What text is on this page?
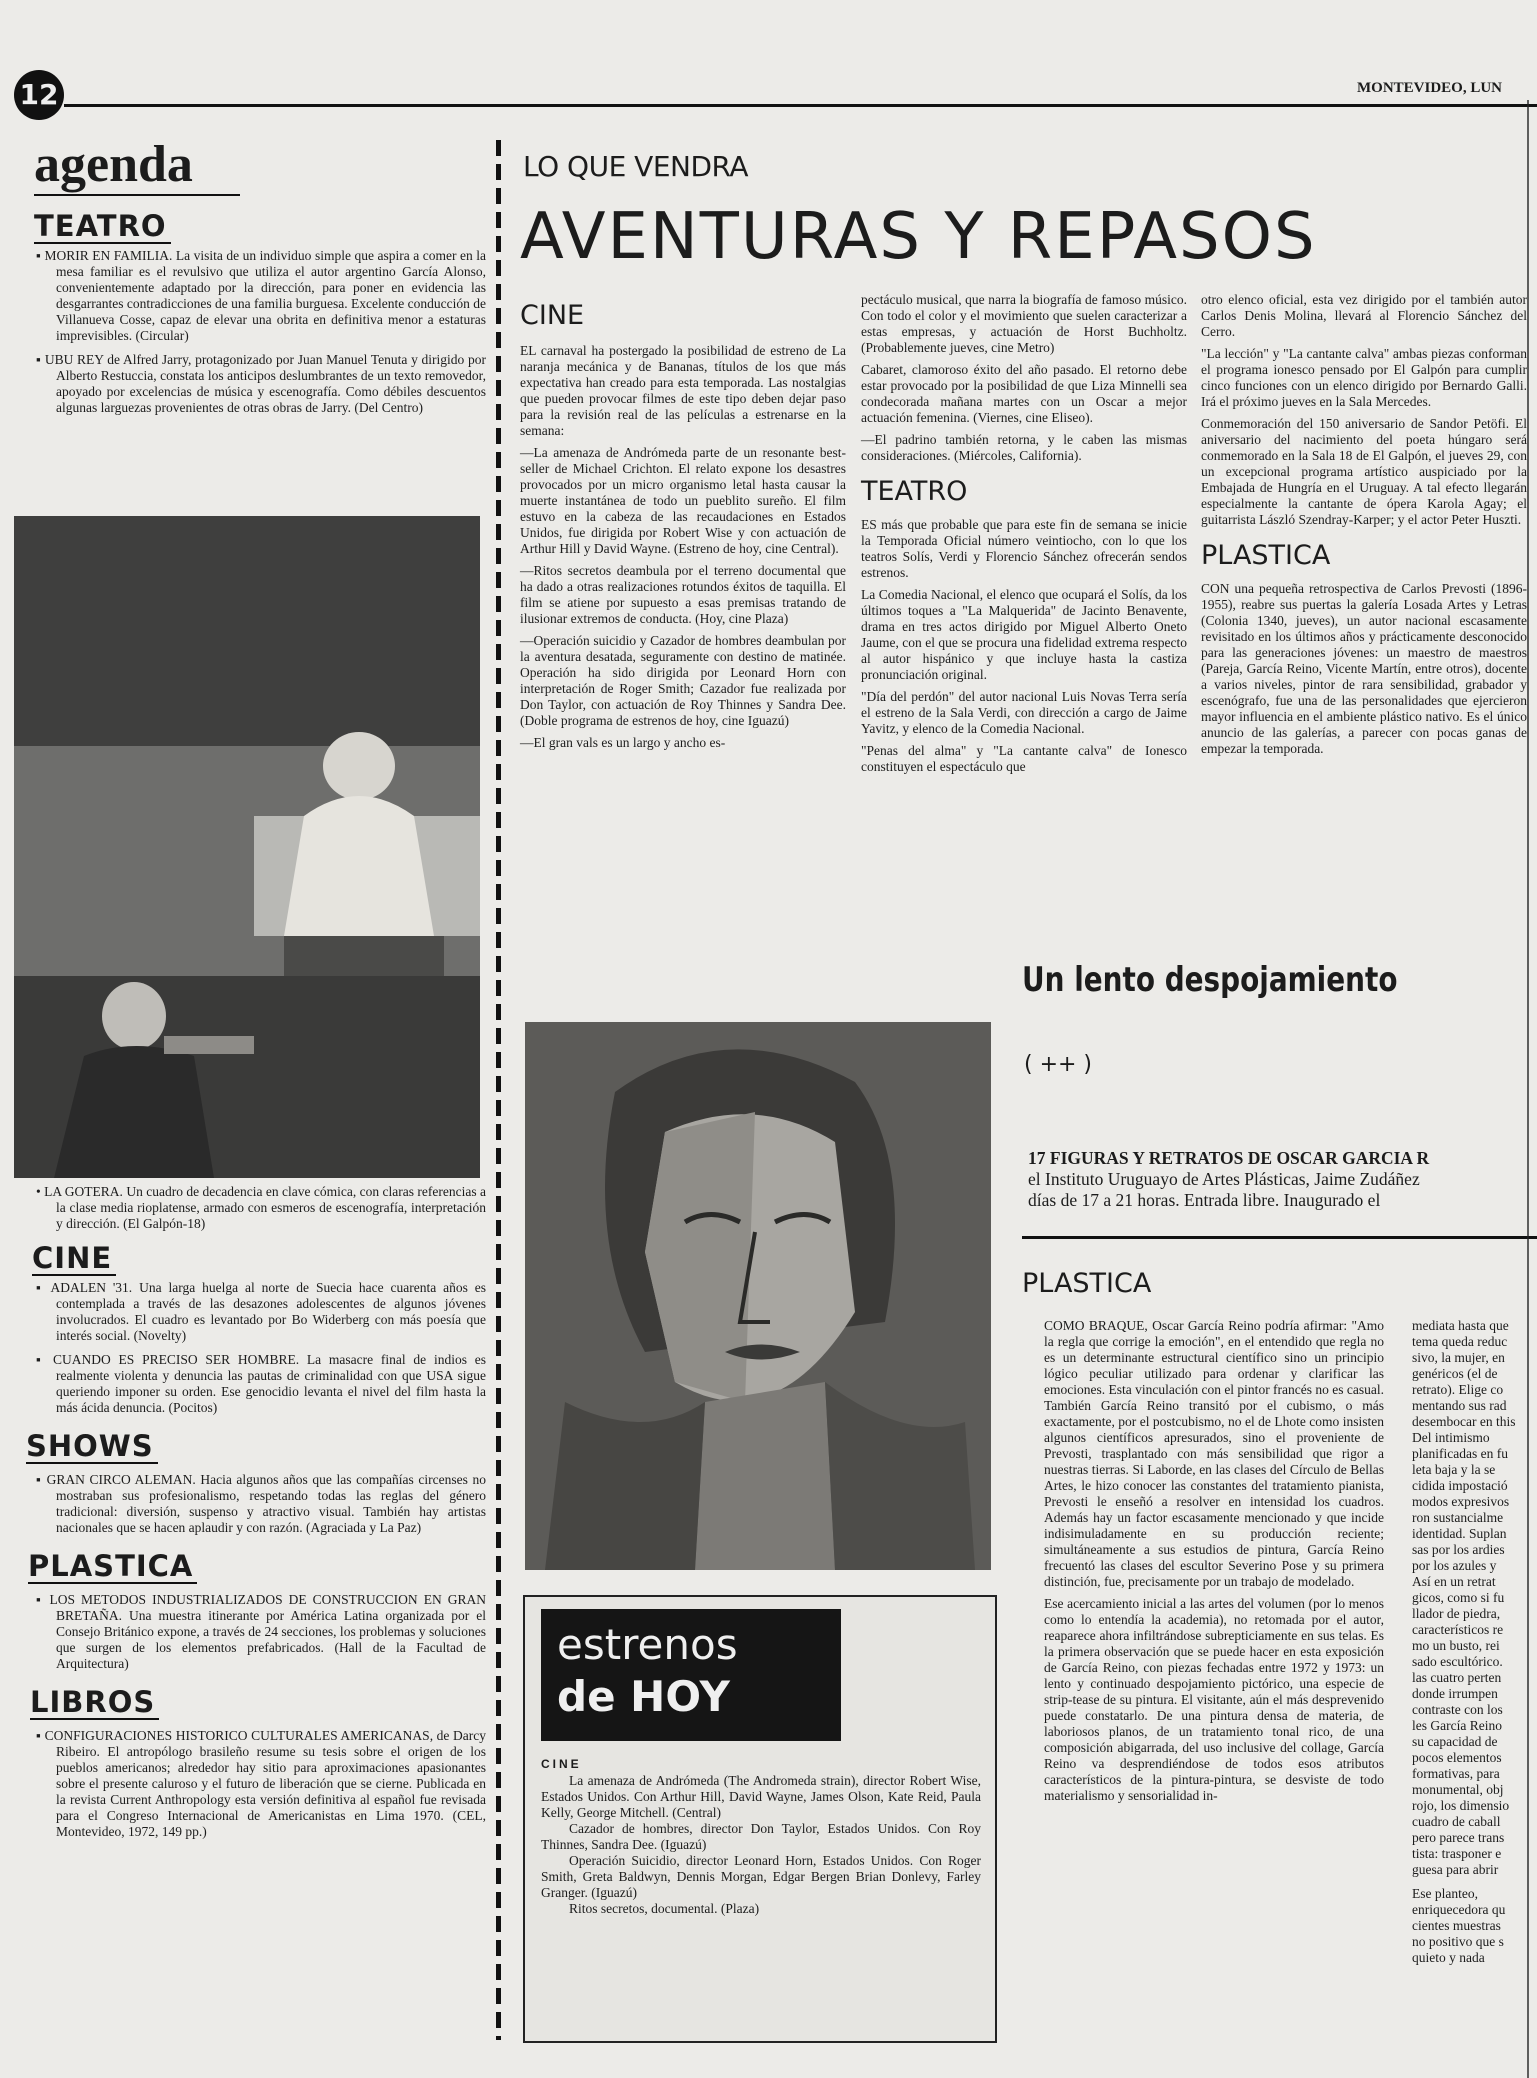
12	MONTEVIDEO, LUN
agenda
TEATRO
▪︎ MORIR EN FAMILIA. La visita de un individuo simple que aspira a comer en la mesa familiar es el revulsivo que utiliza el autor argentino García Alonso, convenientemente adaptado por la dirección, para poner en evidencia las desgarrantes contradicciones de una familia burguesa. Excelente conducción de Villanueva Cosse, capaz de elevar una obrita en definitiva menor a estaturas imprevisibles. (Circular)
▪︎ UBU REY de Alfred Jarry, protagonizado por Juan Manuel Tenuta y dirigido por Alberto Restuccia, constata los anticipos deslumbrantes de un texto removedor, apoyado por excelencias de música y escenografía. Como débiles descuentos algunas larguezas provenientes de otras obras de Jarry. (Del Centro)
• LA GOTERA. Un cuadro de decadencia en clave cómica, con claras referencias a la clase media rioplatense, armado con esmeros de escenografía, interpretación y dirección. (El Galpón-18)
CINE
▪︎ ADALEN '31. Una larga huelga al norte de Suecia hace cuarenta años es contemplada a través de las desazones adolescentes de algunos jóvenes involucrados. El cuadro es levantado por Bo Widerberg con más poesía que interés social. (Novelty)
▪︎ CUANDO ES PRECISO SER HOMBRE. La masacre final de indios es realmente violenta y denuncia las pautas de criminalidad con que USA sigue queriendo imponer su orden. Ese genocidio levanta el nivel del film hasta la más ácida denuncia. (Pocitos)
SHOWS
▪︎ GRAN CIRCO ALEMAN. Hacia algunos años que las compañías circenses no mostraban sus profesionalismo, respetando todas las reglas del género tradicional: diversión, suspenso y atractivo visual. También hay artistas nacionales que se hacen aplaudir y con razón. (Agraciada y La Paz)
PLASTICA
▪︎ LOS METODOS INDUSTRIALIZADOS DE CONSTRUCCION EN GRAN BRETAÑA. Una muestra itinerante por América Latina organizada por el Consejo Británico expone, a través de 24 secciones, los problemas y soluciones que surgen de los elementos prefabricados. (Hall de la Facultad de Arquitectura)
LIBROS
▪︎ CONFIGURACIONES HISTORICO CULTURALES AMERICANAS, de Darcy Ribeiro. El antropólogo brasileño resume su tesis sobre el origen de los pueblos americanos; alrededor hay sitio para aproximaciones apasionantes sobre el presente caluroso y el futuro de liberación que se cierne. Publicada en la revista Current Anthropology esta versión definitiva al español fue revisada para el Congreso Internacional de Americanistas en Lima 1970. (CEL, Montevideo, 1972, 149 pp.)
LO QUE VENDRA
AVENTURAS Y REPASOS
CINE

EL carnaval ha postergado la posibilidad de estreno de La naranja mecánica y de Bananas, títulos de los que más expectativa han creado para esta temporada. Las nostalgias que pueden provocar filmes de este tipo deben dejar paso para la revisión real de las películas a estrenarse en la semana:

—La amenaza de Andrómeda parte de un resonante best-seller de Michael Crichton. El relato expone los desastres provocados por un micro organismo letal hasta causar la muerte instantánea de todo un pueblito sureño. El film estuvo en la cabeza de las recaudaciones en Estados Unidos, fue dirigida por Robert Wise y con actuación de Arthur Hill y David Wayne. (Estreno de hoy, cine Central).

—Ritos secretos deambula por el terreno documental que ha dado a otras realizaciones rotundos éxitos de taquilla. El film se atiene por supuesto a esas premisas tratando de ilusionar extremos de conducta. (Hoy, cine Plaza)

—Operación suicidio y Cazador de hombres deambulan por la aventura desatada, seguramente con destino de matinée. Operación ha sido dirigida por Leonard Horn con interpretación de Roger Smith; Cazador fue realizada por Don Taylor, con actuación de Roy Thinnes y Sandra Dee. (Doble programa de estrenos de hoy, cine Iguazú)

—El gran vals es un largo y ancho es-

pectáculo musical, que narra la biografía de famoso músico. Con todo el color y el movimiento que suelen caracterizar a estas empresas, y actuación de Horst Buchholtz. (Probablemente jueves, cine Metro)

Cabaret, clamoroso éxito del año pasado. El retorno debe estar provocado por la posibilidad de que Liza Minnelli sea condecorada mañana martes con un Oscar a mejor actuación femenina. (Viernes, cine Eliseo).

—El padrino también retorna, y le caben las mismas consideraciones. (Miércoles, California).

TEATRO

ES más que probable que para este fin de semana se inicie la Temporada Oficial número veintiocho, con lo que los teatros Solís, Verdi y Florencio Sánchez ofrecerán sendos estrenos.

La Comedia Nacional, el elenco que ocupará el Solís, da los últimos toques a "La Malquerida" de Jacinto Benavente, drama en tres actos dirigido por Miguel Alberto Oneto Jaume, con el que se procura una fidelidad extrema respecto al autor hispánico y que incluye hasta la castiza pronunciación original.

"Día del perdón" del autor nacional Luis Novas Terra sería el estreno de la Sala Verdi, con dirección a cargo de Jaime Yavitz, y elenco de la Comedia Nacional.

"Penas del alma" y "La cantante calva" de Ionesco constituyen el espectáculo que

otro elenco oficial, esta vez dirigido por el también autor Carlos Denis Molina, llevará al Florencio Sánchez del Cerro.

"La lección" y "La cantante calva" ambas piezas conforman el programa ionesco pensado por El Galpón para cumplir cinco funciones con un elenco dirigido por Bernardo Galli. Irá el próximo jueves en la Sala Mercedes.

Conmemoración del 150 aniversario de Sandor Petöfi. El aniversario del nacimiento del poeta húngaro será conmemorado en la Sala 18 de El Galpón, el jueves 29, con un excepcional programa artístico auspiciado por la Embajada de Hungría en el Uruguay. A tal efecto llegarán especialmente la cantante de ópera Karola Agay; el guitarrista László Szendray-Karper; y el actor Peter Huszti.

PLASTICA

CON una pequeña retrospectiva de Carlos Prevosti (1896-1955), reabre sus puertas la galería Losada Artes y Letras (Colonia 1340, jueves), un autor nacional escasamente revisitado en los últimos años y prácticamente desconocido para las generaciones jóvenes: un maestro de maestros (Pareja, García Reino, Vicente Martín, entre otros), docente a varios niveles, pintor de rara sensibilidad, grabador y escenógrafo, fue una de las personalidades que ejercieron mayor influencia en el ambiente plástico nativo. Es el único anuncio de las galerías, a parecer con pocas ganas de empezar la temporada.

estrenos
de HOY
CINE

La amenaza de Andrómeda (The Andromeda strain), director Robert Wise, Estados Unidos. Con Arthur Hill, David Wayne, James Olson, Kate Reid, Paula Kelly, George Mitchell. (Central)

Cazador de hombres, director Don Taylor, Estados Unidos. Con Roy Thinnes, Sandra Dee. (Iguazú)

Operación Suicidio, director Leonard Horn, Estados Unidos. Con Roger Smith, Greta Baldwyn, Dennis Morgan, Edgar Bergen Brian Donlevy, Farley Granger. (Iguazú)

Ritos secretos, documental. (Plaza)

Un lento despojamiento
( ++ )
17 FIGURAS Y RETRATOS DE OSCAR GARCIA R
el Instituto Uruguayo de Artes Plásticas, Jaime Zudáñez
días de 17 a 21 horas. Entrada libre. Inaugurado el
PLASTICA

COMO BRAQUE, Oscar García Reino podría afirmar: "Amo la regla que corrige la emoción", en el entendido que regla no es un determinante estructural científico sino un principio lógico peculiar utilizado para ordenar y clarificar las emociones. Esta vinculación con el pintor francés no es casual. También García Reino transitó por el cubismo, o más exactamente, por el postcubismo, no el de Lhote como insisten algunos científicos apresurados, sino el proveniente de Prevosti, trasplantado con más sensibilidad que rigor a nuestras tierras. Si Laborde, en las clases del Círculo de Bellas Artes, le hizo conocer las constantes del tratamiento pianista, Prevosti le enseñó a resolver en intensidad los cuadros. Además hay un factor escasamente mencionado y que incide indisimuladamente en su producción reciente; simultáneamente a sus estudios de pintura, García Reino frecuentó las clases del escultor Severino Pose y su primera distinción, fue, precisamente por un trabajo de modelado.

Ese acercamiento inicial a las artes del volumen (por lo menos como lo entendía la academia), no retomada por el autor, reaparece ahora infiltrándose subrepticiamente en sus telas. Es la primera observación que se puede hacer en esta exposición de García Reino, con piezas fechadas entre 1972 y 1973: un lento y continuado despojamiento pictórico, una especie de strip-tease de su pintura. El visitante, aún el más desprevenido puede constatarlo. De una pintura densa de materia, de laboriosos planos, de un tratamiento tonal rico, de una composición abigarrada, del uso inclusive del collage, García Reino va desprendiéndose de todos esos atributos característicos de la pintura-pintura, se desviste de todo materialismo y sensorialidad in-

mediata hasta que
tema queda reduc
sivo, la mujer, en
genéricos (el de
retrato). Elige co
mentando sus rad
desembocar en this
Del intimismo
planificadas en fu
leta baja y la se
cidida impostació
modos expresivos
ron sustancialme
identidad. Suplan
sas por los ardies
por los azules y
Así en un retrat
gicos, como si fu
llador de piedra,
característicos re
mo un busto, rei
sado escultórico.
las cuatro perten
donde irrumpen
contraste con los
les García Reino
su capacidad de
pocos elementos
formativas, para
monumental, obj
rojo, los dimensio
cuadro de caball
pero parece trans
tista: trasponer e
guesa para abrir
Ese planteo,
enriquecedora qu
cientes muestras
no positivo que s
quieto y nada
